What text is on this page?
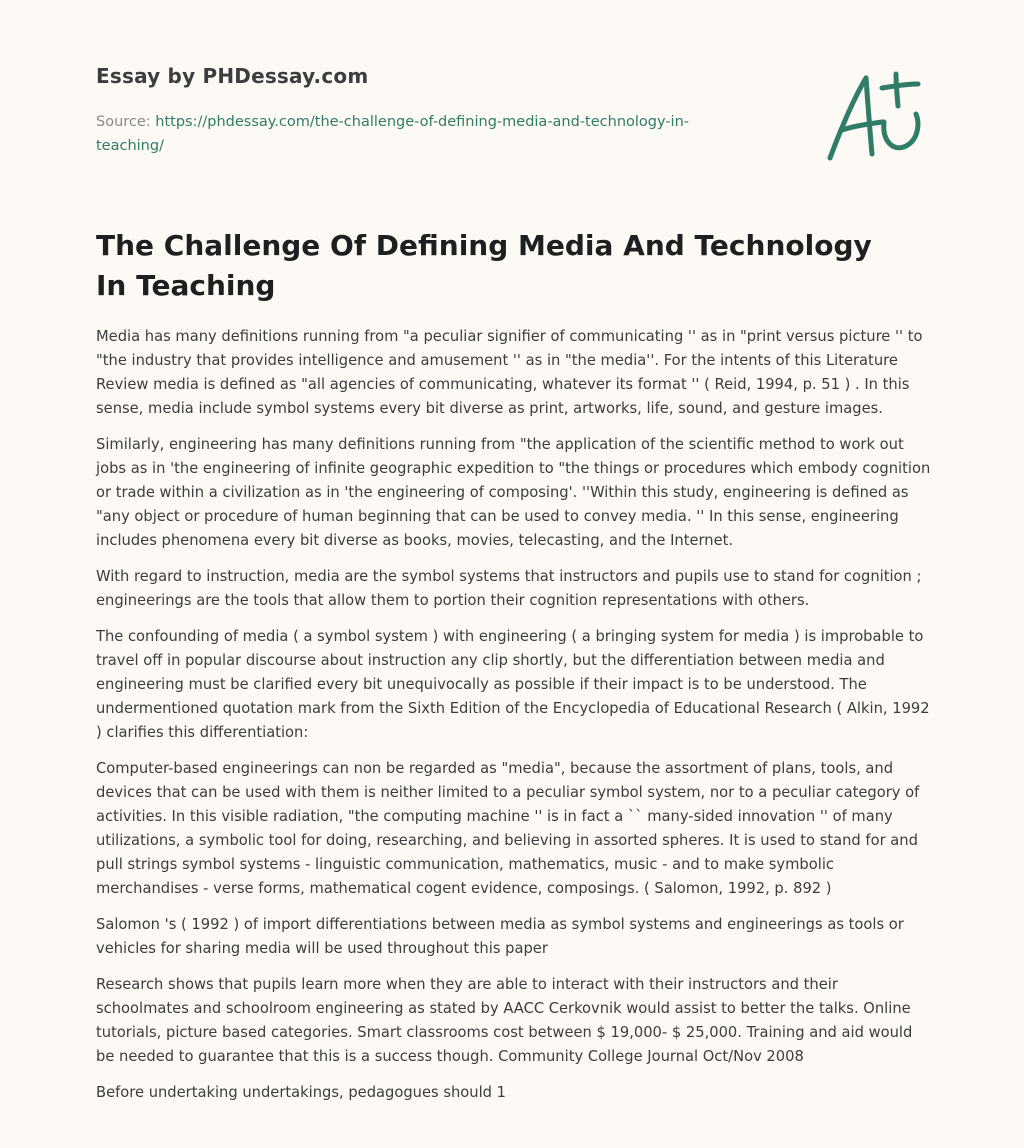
Essay by PHDessay.com
Source: https://phdessay.com/the-challenge-of-defining-media-and-technology-in-teaching/
The Challenge Of Defining Media And Technology In Teaching

Media has many definitions running from "a peculiar signifier of communicating '' as in "print versus picture '' to "the industry that provides intelligence and amusement '' as in "the media''. For the intents of this Literature Review media is defined as "all agencies of communicating, whatever its format '' ( Reid, 1994, p. 51 ) . In this sense, media include symbol systems every bit diverse as print, artworks, life, sound, and gesture images.

Similarly, engineering has many definitions running from "the application of the scientific method to work out jobs as in 'the engineering of infinite geographic expedition to "the things or procedures which embody cognition or trade within a civilization as in 'the engineering of composing'. ''Within this study, engineering is defined as "any object or procedure of human beginning that can be used to convey media. '' In this sense, engineering includes phenomena every bit diverse as books, movies, telecasting, and the Internet.

With regard to instruction, media are the symbol systems that instructors and pupils use to stand for cognition ; engineerings are the tools that allow them to portion their cognition representations with others.

The confounding of media ( a symbol system ) with engineering ( a bringing system for media ) is improbable to travel off in popular discourse about instruction any clip shortly, but the differentiation between media and engineering must be clarified every bit unequivocally as possible if their impact is to be understood. The undermentioned quotation mark from the Sixth Edition of the Encyclopedia of Educational Research ( Alkin, 1992 ) clarifies this differentiation:

Computer-based engineerings can non be regarded as "media", because the assortment of plans, tools, and devices that can be used with them is neither limited to a peculiar symbol system, nor to a peculiar category of activities. In this visible radiation, "the computing machine '' is in fact a `` many-sided innovation '' of many utilizations, a symbolic tool for doing, researching, and believing in assorted spheres. It is used to stand for and pull strings symbol systems - linguistic communication, mathematics, music - and to make symbolic merchandises - verse forms, mathematical cogent evidence, composings. ( Salomon, 1992, p. 892 )

Salomon 's ( 1992 ) of import differentiations between media as symbol systems and engineerings as tools or vehicles for sharing media will be used throughout this paper

Research shows that pupils learn more when they are able to interact with their instructors and their schoolmates and schoolroom engineering as stated by AACC Cerkovnik would assist to better the talks. Online tutorials, picture based categories. Smart classrooms cost between $ 19,000- $ 25,000. Training and aid would be needed to guarantee that this is a success though. Community College Journal Oct/Nov 2008

Before undertaking undertakings, pedagogues should 1
